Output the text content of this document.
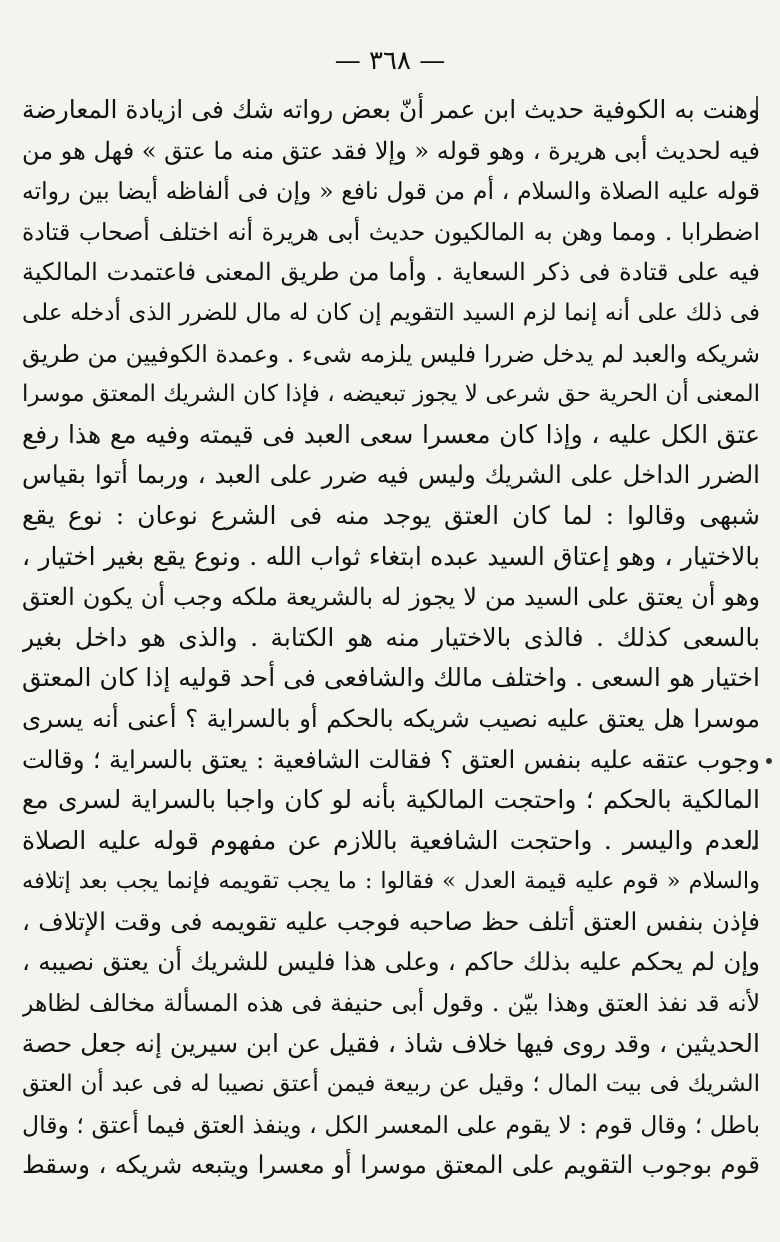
— ٣٦٨ —
وهنت به الكوفية حديث ابن عمر أنّ بعض رواته شك فى ازيادة المعارضة
فيه لحديث أبى هريرة ، وهو قوله « وإلا فقد عتق منه ما عتق » فهل هو من
قوله عليه الصلاة والسلام ، أم من قول نافع « وإن فى ألفاظه أيضا بين رواته
اضطرابا . ومما وهن به المالكيون حديث أبى هريرة أنه اختلف أصحاب قتادة
فيه على قتادة فى ذكر السعاية . وأما من طريق المعنى فاعتمدت المالكية
فى ذلك على أنه إنما لزم السيد التقويم إن كان له مال للضرر الذى أدخله على
شريكه والعبد لم يدخل ضررا فليس يلزمه شىء . وعمدة الكوفيين من طريق
المعنى أن الحرية حق شرعى لا يجوز تبعيضه ، فإذا كان الشريك المعتق موسرا
عتق الكل عليه ، وإذا كان معسرا سعى العبد فى قيمته وفيه مع هذا رفع
الضرر الداخل على الشريك وليس فيه ضرر على العبد ، وربما أتوا بقياس
شبهى وقالوا : لما كان العتق يوجد منه فى الشرع نوعان : نوع يقع
بالاختيار ، وهو إعتاق السيد عبده ابتغاء ثواب الله . ونوع يقع بغير اختيار ،
وهو أن يعتق على السيد من لا يجوز له بالشريعة ملكه وجب أن يكون العتق
بالسعى كذلك . فالذى بالاختيار منه هو الكتابة . والذى هو داخل بغير
اختيار هو السعى . واختلف مالك والشافعى فى أحد قوليه إذا كان المعتق
موسرا هل يعتق عليه نصيب شريكه بالحكم أو بالسراية ؟ أعنى أنه يسرى
وجوب عتقه عليه بنفس العتق ؟ فقالت الشافعية : يعتق بالسراية ؛ وقالت
المالكية بالحكم ؛ واحتجت المالكية بأنه لو كان واجبا بالسراية لسرى مع
العدم واليسر . واحتجت الشافعية باللازم عن مفهوم قوله عليه الصلاة
والسلام « قوم عليه قيمة العدل » فقالوا : ما يجب تقويمه فإنما يجب بعد إتلافه
فإذن بنفس العتق أتلف حظ صاحبه فوجب عليه تقويمه فى وقت الإتلاف ،
وإن لم يحكم عليه بذلك حاكم ، وعلى هذا فليس للشريك أن يعتق نصيبه ،
لأنه قد نفذ العتق وهذا بيّن . وقول أبى حنيفة فى هذه المسألة مخالف لظاهر
الحديثين ، وقد روى فيها خلاف شاذ ، فقيل عن ابن سيرين إنه جعل حصة
الشريك فى بيت المال ؛ وقيل عن ربيعة فيمن أعتق نصيبا له فى عبد أن العتق
باطل ؛ وقال قوم : لا يقوم على المعسر الكل ، وينفذ العتق فيما أعتق ؛ وقال
قوم بوجوب التقويم على المعتق موسرا أو معسرا ويتبعه شريكه ، وسقط
